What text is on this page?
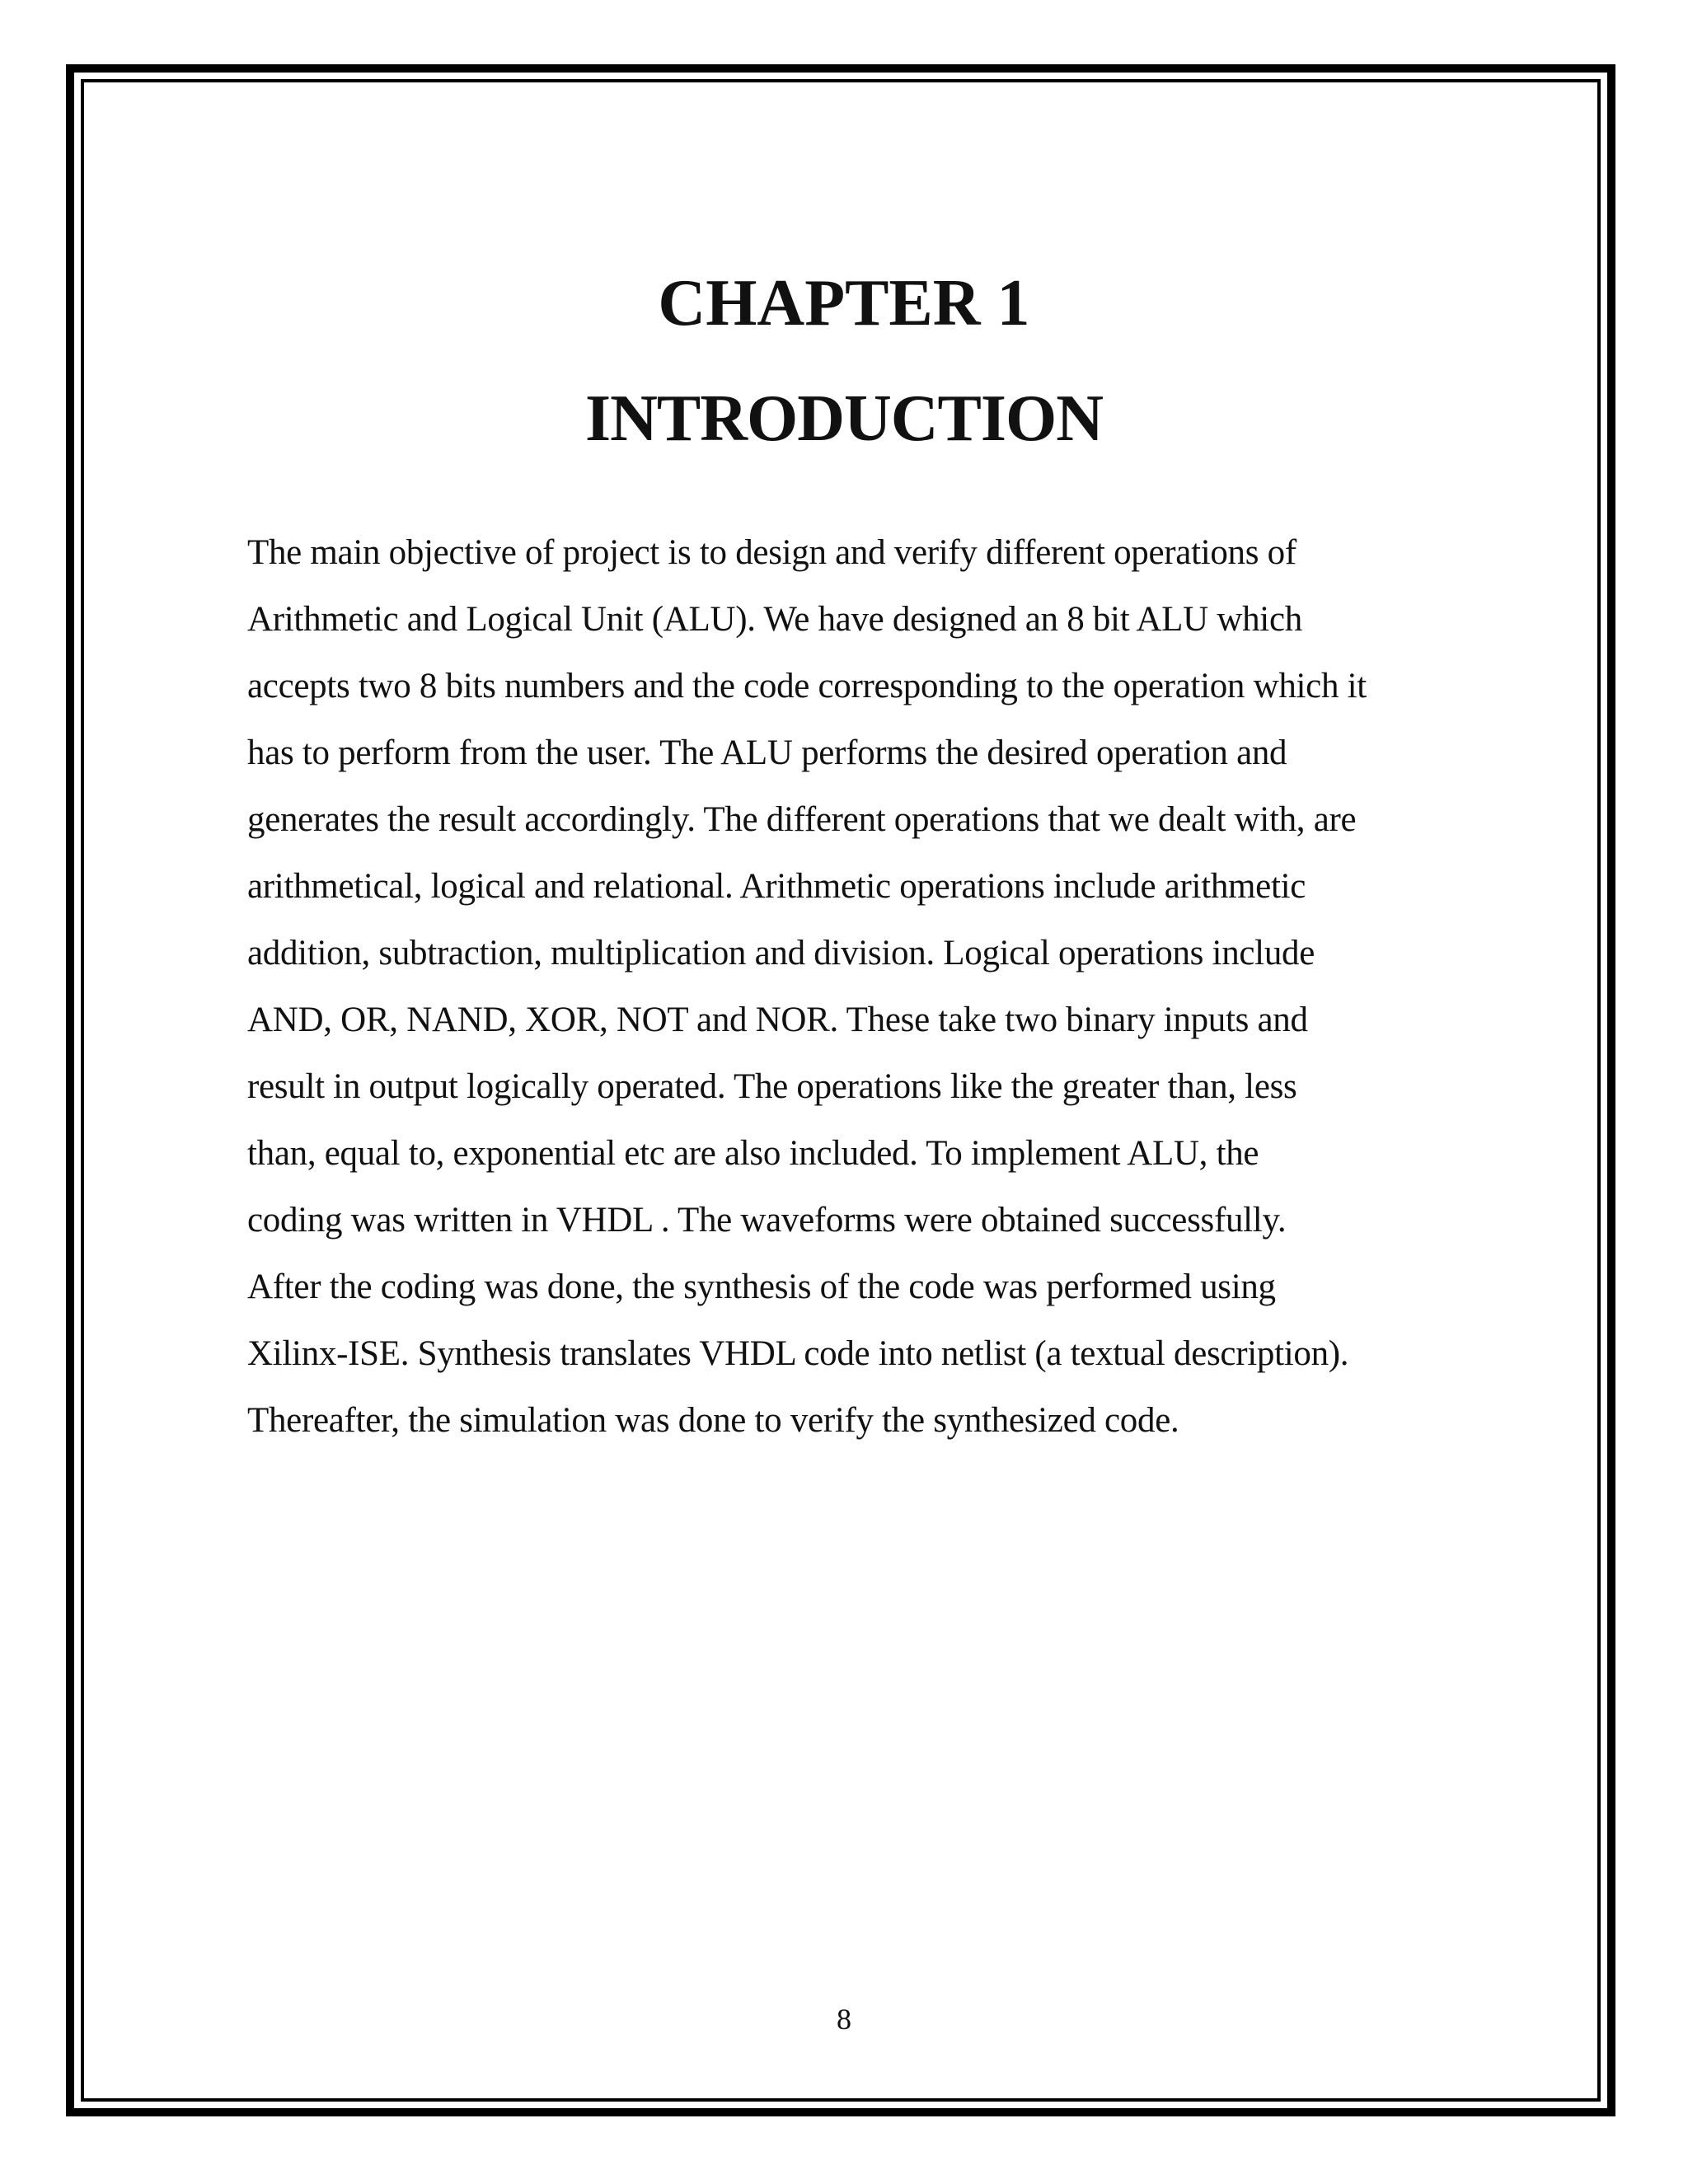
CHAPTER 1
INTRODUCTION
The main objective of project is to design and verify different operations of
Arithmetic and Logical Unit (ALU). We have designed an 8 bit ALU which
accepts two 8 bits numbers and the code corresponding to the operation which it
has to perform from the user. The ALU performs the desired operation and
generates the result accordingly. The different operations that we dealt with, are
arithmetical, logical and relational. Arithmetic operations include arithmetic
addition, subtraction, multiplication and division. Logical operations include
AND, OR, NAND, XOR, NOT and NOR. These take two binary inputs and
result in output logically operated. The operations like the greater than, less
than, equal to, exponential etc are also included. To implement ALU, the
coding was written in VHDL . The waveforms were obtained successfully.
After the coding was done, the synthesis of the code was performed using
Xilinx-ISE. Synthesis translates VHDL code into netlist (a textual description).
Thereafter, the simulation was done to verify the synthesized code.

8
